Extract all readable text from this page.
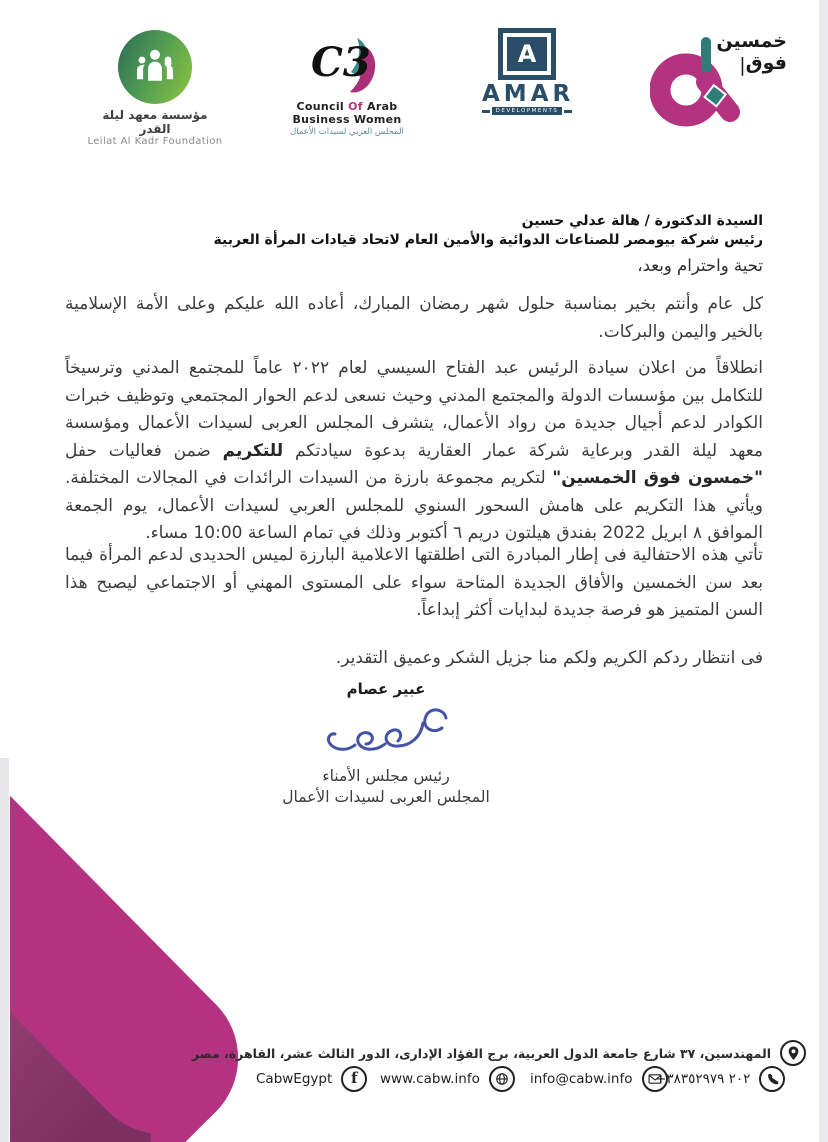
مؤسسة معهد ليلة القدر
Leilat Al Kadr Foundation
C3
Council Of Arab
Business Women
المجلس العربي لسيدات الأعمال
A
AMAR
DEVELOPMENTS
خمسين
فوق|
السيدة الدكتورة / هالة عدلي حسين
رئيس شركة بيومصر للصناعات الدوائية والأمين العام لاتحاد قيادات المرأة العربية
تحية واحترام وبعد،

كل عام وأنتم بخير بمناسبة حلول شهر رمضان المبارك، أعاده الله عليكم وعلى الأمة الإسلامية بالخير واليمن والبركات.

انطلاقاً من اعلان سيادة الرئيس عبد الفتاح السيسي لعام ٢٠٢٢ عاماً للمجتمع المدني وترسيخاً للتكامل بين مؤسسات الدولة والمجتمع المدني وحيث نسعى لدعم الحوار المجتمعي وتوظيف خبرات الكوادر لدعم أجيال جديدة من رواد الأعمال، يتشرف المجلس العربى لسيدات الأعمال ومؤسسة معهد ليلة القدر وبرعاية شركة عمار العقارية بدعوة سيادتكم للتكريم ضمن فعاليات حفل "خمسون فوق الخمسين" لتكريم مجموعة بارزة من السيدات الرائدات في المجالات المختلفة. ويأتي هذا التكريم على هامش السحور السنوي للمجلس العربي لسيدات الأعمال، يوم الجمعة الموافق ٨ ابريل 2022 بفندق هيلتون دريم ٦ أكتوبر وذلك في تمام الساعة 10:00 مساء.

تأتي هذه الاحتفالية فى إطار المبادرة التى اطلقتها الاعلامية البارزة لميس الحديدى لدعم المرأة فيما بعد سن الخمسين والأفاق الجديدة المتاحة سواء على المستوى المهني أو الاجتماعي ليصبح هذا السن المتميز هو فرصة جديدة لبدايات أكثر إبداعاً.

فى انتظار ردكم الكريم ولكم منا جزيل الشكر وعميق التقدير.
عبير عصام
رئيس مجلس الأمناء
المجلس العربى لسيدات الأعمال
المهندسين، ٣٧ شارع جامعة الدول العربية، برج الفؤاد الإدارى، الدور الثالث عشر، القاهرة، مصر
CabwEgypt f www.cabw.info	info@cabw.info +٢٠٢ ٣٨٣٥٢٩٧٩
